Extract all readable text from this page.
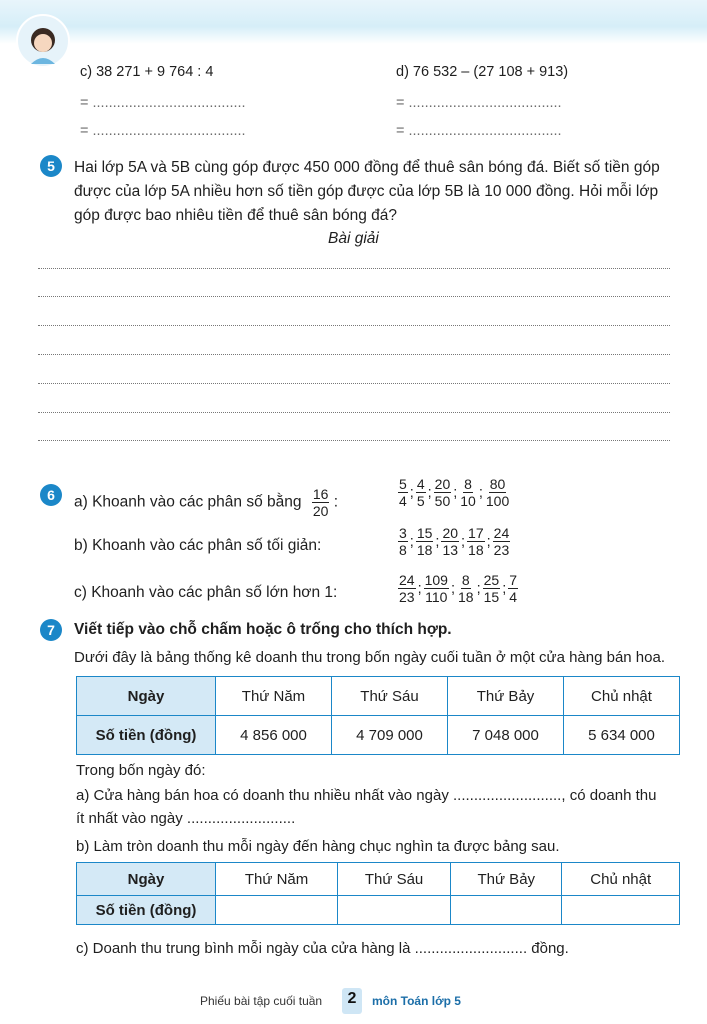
c) 38 271 + 9 764 : 4	d) 76 532 – (27 108 + 913)
= ......................................	= ......................................
= ......................................	= ......................................
5	Hai lớp 5A và 5B cùng góp được 450 000 đồng để thuê sân bóng đá. Biết số tiền góp
được của lớp 5A nhiều hơn số tiền góp được của lớp 5B là 10 000 đồng. Hỏi mỗi lớp
góp được bao nhiêu tiền để thuê sân bóng đá?
Bài giải
6	a) Khoanh vào các phân số bằng $\frac{16}{20}$ :	$\frac{5}{4}$ ; $\frac{4}{5}$ ; $\frac{20}{50}$ ; $\frac{8}{10}$ ; $\frac{80}{100}$
b) Khoanh vào các phân số tối giản:	$\frac{3}{8}$ ; $\frac{15}{18}$ ; $\frac{20}{13}$ ; $\frac{17}{18}$ ; $\frac{24}{23}$
c) Khoanh vào các phân số lớn hơn 1:	$\frac{24}{23}$ ; $\frac{109}{110}$ ; $\frac{8}{18}$ ; $\frac{25}{15}$ ; $\frac{7}{4}$
7	Viết tiếp vào chỗ chấm hoặc ô trống cho thích hợp.
Dưới đây là bảng thống kê doanh thu trong bốn ngày cuối tuần ở một cửa hàng bán hoa.
Ngày	Thứ Năm	Thứ Sáu	Thứ Bảy	Chủ nhật
Số tiền (đồng)	4 856 000	4 709 000	7 048 000	5 634 000
Trong bốn ngày đó:
a) Cửa hàng bán hoa có doanh thu nhiều nhất vào ngày .........................., có doanh thu
ít nhất vào ngày ..........................
b) Làm tròn doanh thu mỗi ngày đến hàng chục nghìn ta được bảng sau.
Ngày	Thứ Năm	Thứ Sáu	Thứ Bảy	Chủ nhật
Số tiền (đồng)				
c) Doanh thu trung bình mỗi ngày của cửa hàng là ........................... đồng.
Phiếu bài tập cuối tuần	2	môn Toán lớp 5
